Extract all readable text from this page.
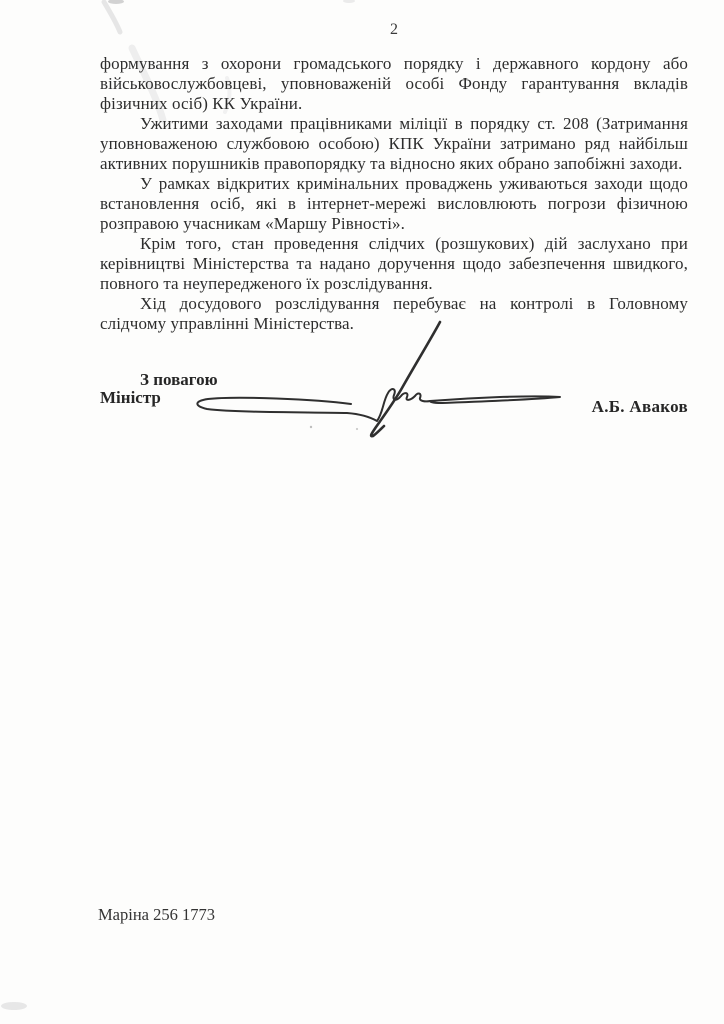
2
формування з охорони громадського порядку і державного кордону або
військовослужбовцеві, уповноваженій особі Фонду гарантування вкладів
фізичних осіб) КК України.
Ужитими заходами працівниками міліції в порядку ст. 208 (Затримання
уповноваженою службовою особою) КПК України затримано ряд найбільш
активних порушників правопорядку та відносно яких обрано запобіжні заходи.
У рамках відкритих кримінальних проваджень уживаються заходи щодо
встановлення осіб, які в інтернет-мережі висловлюють погрози фізичною
розправою учасникам «Маршу Рівності».
Крім того, стан проведення слідчих (розшукових) дій заслухано при
керівництві Міністерства та надано доручення щодо забезпечення швидкого,
повного та неупередженого їх розслідування.
Хід досудового розслідування перебуває на контролі в Головному
слідчому управлінні Міністерства.
З повагою
Міністр	А.Б. Аваков
Маріна 256 1773
